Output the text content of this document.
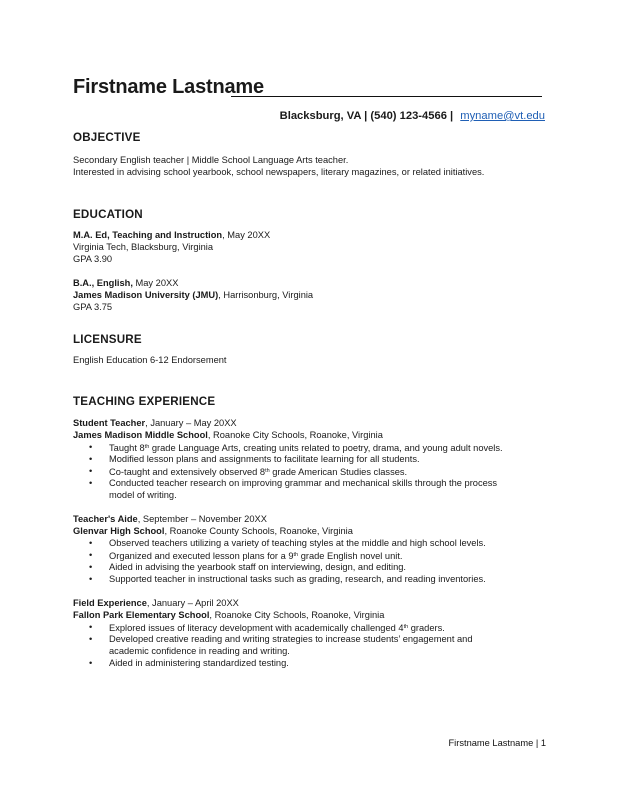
Firstname Lastname
Blacksburg, VA | (540) 123-4566 | myname@vt.edu
OBJECTIVE
Secondary English teacher | Middle School Language Arts teacher.
Interested in advising school yearbook, school newspapers, literary magazines, or related initiatives.
EDUCATION
M.A. Ed, Teaching and Instruction, May 20XX
Virginia Tech, Blacksburg, Virginia
GPA 3.90
B.A., English, May 20XX
James Madison University (JMU), Harrisonburg, Virginia
GPA 3.75
LICENSURE
English Education 6-12 Endorsement
TEACHING EXPERIENCE
Student Teacher, January – May 20XX
James Madison Middle School, Roanoke City Schools, Roanoke, Virginia
• Taught 8th grade Language Arts, creating units related to poetry, drama, and young adult novels.
• Modified lesson plans and assignments to facilitate learning for all students.
• Co-taught and extensively observed 8th grade American Studies classes.
• Conducted teacher research on improving grammar and mechanical skills through the process
model of writing.
Teacher's Aide, September – November 20XX
Glenvar High School, Roanoke County Schools, Roanoke, Virginia
• Observed teachers utilizing a variety of teaching styles at the middle and high school levels.
• Organized and executed lesson plans for a 9th grade English novel unit.
• Aided in advising the yearbook staff on interviewing, design, and editing.
• Supported teacher in instructional tasks such as grading, research, and reading inventories.
Field Experience, January – April 20XX
Fallon Park Elementary School, Roanoke City Schools, Roanoke, Virginia
• Explored issues of literacy development with academically challenged 4th graders.
• Developed creative reading and writing strategies to increase students’ engagement and
academic confidence in reading and writing.
• Aided in administering standardized testing.
Firstname Lastname | 1
